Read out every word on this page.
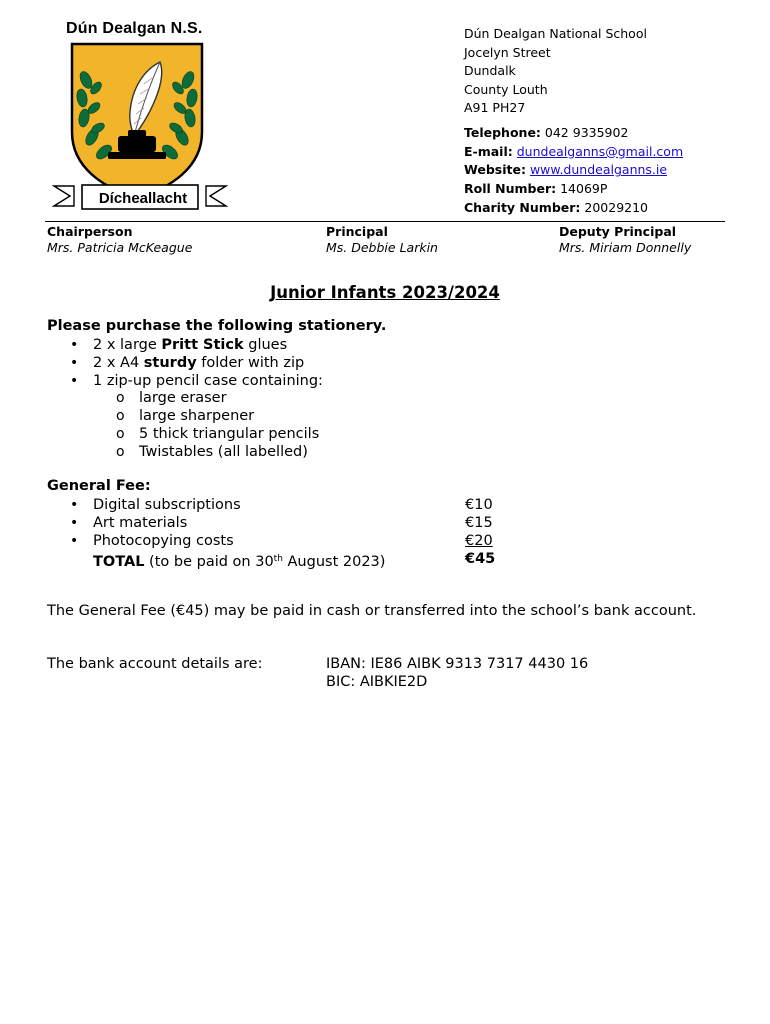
Dún Dealgan N.S.
Dícheallacht
Dún Dealgan National School
Jocelyn Street
Dundalk
County Louth
A91 PH27
Telephone: 042 9335902
E-mail: dundealganns@gmail.com
Website: www.dundealganns.ie
Roll Number: 14069P
Charity Number: 20029210
Chairperson
Mrs. Patricia McKeague
Principal
Ms. Debbie Larkin
Deputy Principal
Mrs. Miriam Donnelly
Junior Infants 2023/2024
Please purchase the following stationery.
• 2 x large Pritt Stick glues
• 2 x A4 sturdy folder with zip
• 1 zip-up pencil case containing:
o large eraser
o large sharpener
o 5 thick triangular pencils
o Twistables (all labelled)
General Fee:
• Digital subscriptions	€10
• Art materials	€15
• Photocopying costs	€20
TOTAL (to be paid on 30th August 2023)	€45
The General Fee (€45) may be paid in cash or transferred into the school’s bank account.
The bank account details are:	IBAN: IE86 AIBK 9313 7317 4430 16
BIC: AIBKIE2D
